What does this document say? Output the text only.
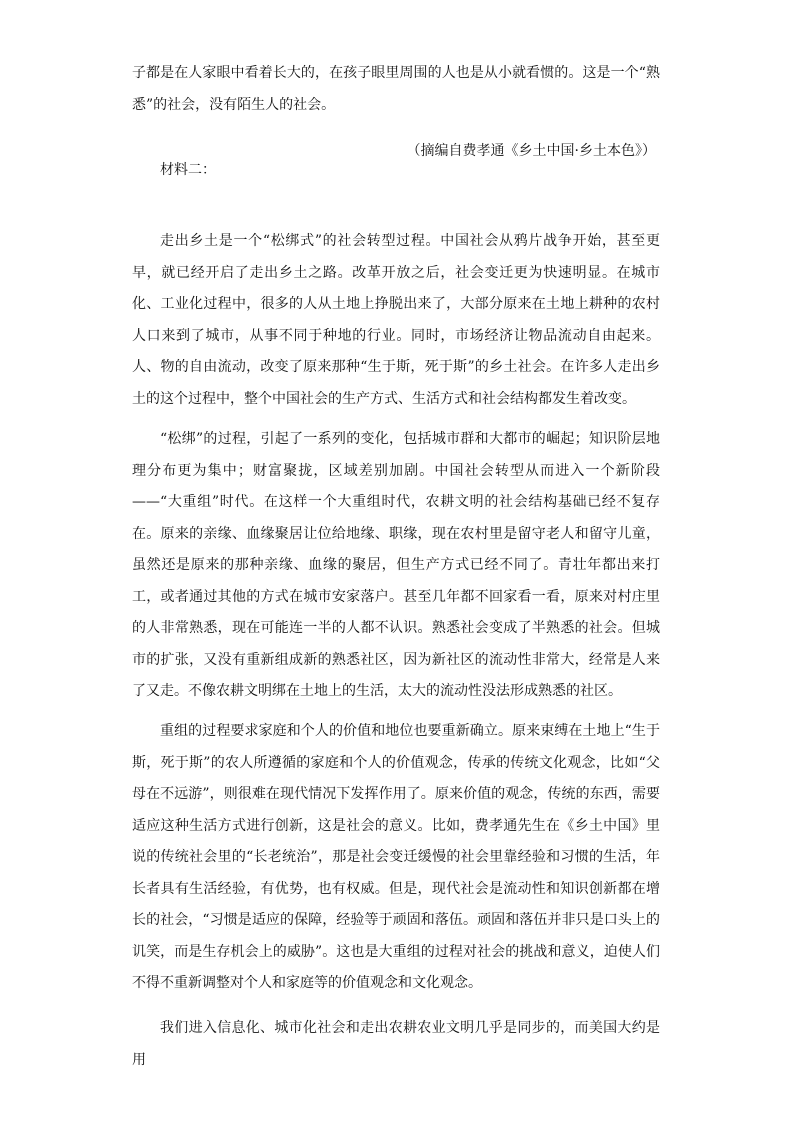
子都是在人家眼中看着长大的，在孩子眼里周围的人也是从小就看惯的。这是一个“熟悉”的社会，没有陌生人的社会。

（摘编自费孝通《乡土中国·乡土本色》）

材料二：

走出乡土是一个“松绑式”的社会转型过程。中国社会从鸦片战争开始，甚至更早，就已经开启了走出乡土之路。改革开放之后，社会变迁更为快速明显。在城市化、工业化过程中，很多的人从土地上挣脱出来了，大部分原来在土地上耕种的农村人口来到了城市，从事不同于种地的行业。同时，市场经济让物品流动自由起来。人、物的自由流动，改变了原来那种“生于斯，死于斯”的乡土社会。在许多人走出乡土的这个过程中，整个中国社会的生产方式、生活方式和社会结构都发生着改变。

“松绑”的过程，引起了一系列的变化，包括城市群和大都市的崛起；知识阶层地理分布更为集中；财富聚拢，区域差别加剧。中国社会转型从而进入一个新阶段——“大重组”时代。在这样一个大重组时代，农耕文明的社会结构基础已经不复存在。原来的亲缘、血缘聚居让位给地缘、职缘，现在农村里是留守老人和留守儿童，虽然还是原来的那种亲缘、血缘的聚居，但生产方式已经不同了。青壮年都出来打工，或者通过其他的方式在城市安家落户。甚至几年都不回家看一看，原来对村庄里的人非常熟悉，现在可能连一半的人都不认识。熟悉社会变成了半熟悉的社会。但城市的扩张，又没有重新组成新的熟悉社区，因为新社区的流动性非常大，经常是人来了又走。不像农耕文明绑在土地上的生活，太大的流动性没法形成熟悉的社区。

重组的过程要求家庭和个人的价值和地位也要重新确立。原来束缚在土地上“生于斯，死于斯”的农人所遵循的家庭和个人的价值观念，传承的传统文化观念，比如“父母在不远游”，则很难在现代情况下发挥作用了。原来价值的观念，传统的东西，需要适应这种生活方式进行创新，这是社会的意义。比如，费孝通先生在《乡土中国》里说的传统社会里的“长老统治”，那是社会变迁缓慢的社会里靠经验和习惯的生活，年长者具有生活经验，有优势，也有权威。但是，现代社会是流动性和知识创新都在增长的社会，“习惯是适应的保障，经验等于顽固和落伍。顽固和落伍并非只是口头上的讥笑，而是生存机会上的威胁”。这也是大重组的过程对社会的挑战和意义，迫使人们不得不重新调整对个人和家庭等的价值观念和文化观念。

我们进入信息化、城市化社会和走出农耕农业文明几乎是同步的，而美国大约是用
